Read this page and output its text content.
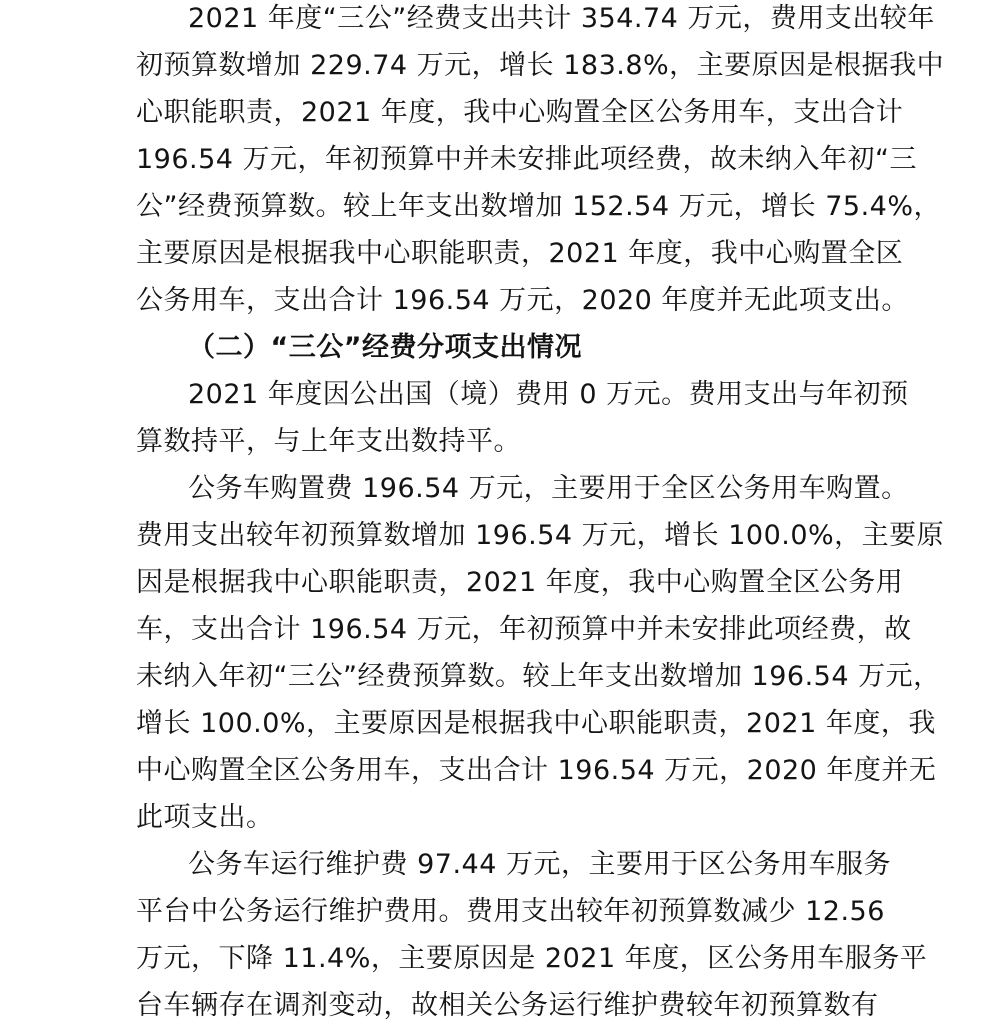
2021 年度“三公”经费支出共计 354.74 万元，费用支出较年
初预算数增加 229.74 万元，增长 183.8%，主要原因是根据我中
心职能职责，2021 年度，我中心购置全区公务用车，支出合计
196.54 万元，年初预算中并未安排此项经费，故未纳入年初“三
公”经费预算数。较上年支出数增加 152.54 万元，增长 75.4%，
主要原因是根据我中心职能职责，2021 年度，我中心购置全区
公务用车，支出合计 196.54 万元，2020 年度并无此项支出。
（二）“三公”经费分项支出情况
2021 年度因公出国（境）费用 0 万元。费用支出与年初预
算数持平，与上年支出数持平。
公务车购置费 196.54 万元，主要用于全区公务用车购置。
费用支出较年初预算数增加 196.54 万元，增长 100.0%，主要原
因是根据我中心职能职责，2021 年度，我中心购置全区公务用
车，支出合计 196.54 万元，年初预算中并未安排此项经费，故
未纳入年初“三公”经费预算数。较上年支出数增加 196.54 万元，
增长 100.0%，主要原因是根据我中心职能职责，2021 年度，我
中心购置全区公务用车，支出合计 196.54 万元，2020 年度并无
此项支出。
公务车运行维护费 97.44 万元，主要用于区公务用车服务
平台中公务运行维护费用。费用支出较年初预算数减少 12.56
万元，下降 11.4%，主要原因是 2021 年度，区公务用车服务平
台车辆存在调剂变动，故相关公务运行维护费较年初预算数有
